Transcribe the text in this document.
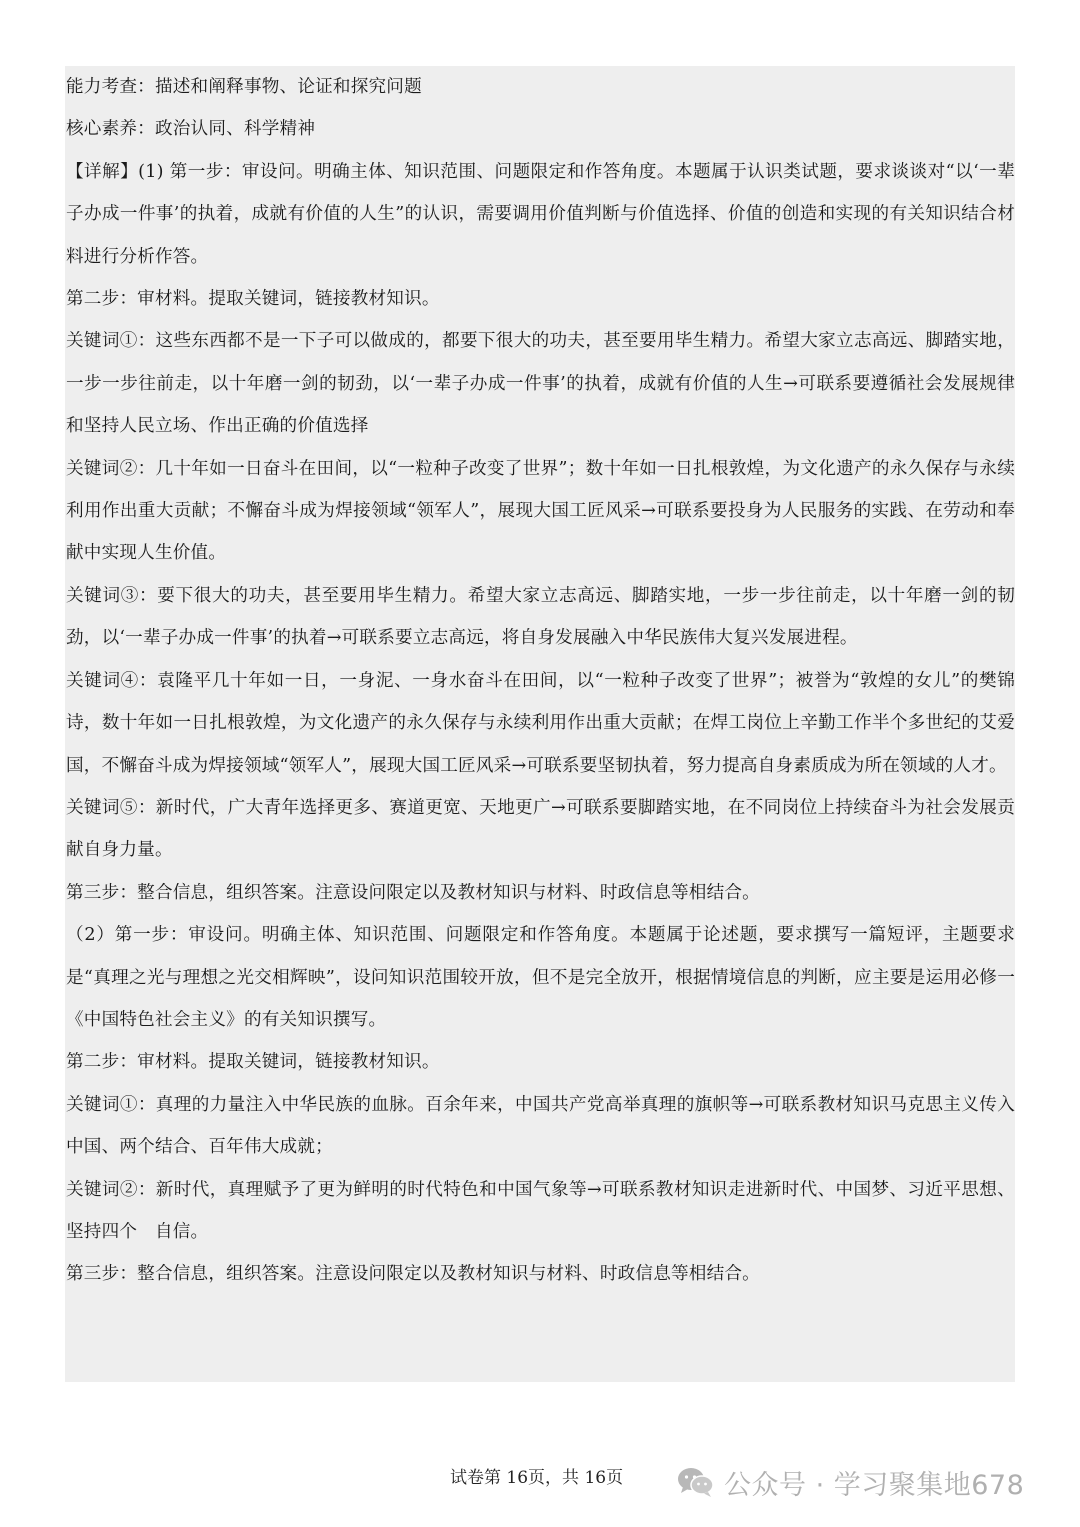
能力考查：描述和阐释事物、论证和探究问题

核心素养：政治认同、科学精神

【详解】(1) 第一步：审设问。明确主体、知识范围、问题限定和作答角度。本题属于认识类试题，要求谈谈对“以‘一辈子办成一件事’的执着，成就有价值的人生”的认识，需要调用价值判断与价值选择、价值的创造和实现的有关知识结合材料进行分析作答。

第二步：审材料。提取关键词，链接教材知识。

关键词①：这些东西都不是一下子可以做成的，都要下很大的功夫，甚至要用毕生精力。希望大家立志高远、脚踏实地，一步一步往前走，以十年磨一剑的韧劲，以‘一辈子办成一件事’的执着，成就有价值的人生→可联系要遵循社会发展规律和坚持人民立场、作出正确的价值选择

关键词②：几十年如一日奋斗在田间，以“一粒种子改变了世界”；数十年如一日扎根敦煌，为文化遗产的永久保存与永续利用作出重大贡献；不懈奋斗成为焊接领域“领军人”，展现大国工匠风采→可联系要投身为人民服务的实践、在劳动和奉献中实现人生价值。

关键词③：要下很大的功夫，甚至要用毕生精力。希望大家立志高远、脚踏实地，一步一步往前走，以十年磨一剑的韧劲，以‘一辈子办成一件事’的执着→可联系要立志高远，将自身发展融入中华民族伟大复兴发展进程。

关键词④：袁隆平几十年如一日，一身泥、一身水奋斗在田间，以“一粒种子改变了世界”；被誉为“敦煌的女儿”的樊锦诗，数十年如一日扎根敦煌，为文化遗产的永久保存与永续利用作出重大贡献；在焊工岗位上辛勤工作半个多世纪的艾爱国，不懈奋斗成为焊接领域“领军人”，展现大国工匠风采→可联系要坚韧执着，努力提高自身素质成为所在领域的人才。

关键词⑤：新时代，广大青年选择更多、赛道更宽、天地更广→可联系要脚踏实地，在不同岗位上持续奋斗为社会发展贡献自身力量。

第三步：整合信息，组织答案。注意设问限定以及教材知识与材料、时政信息等相结合。

（2）第一步：审设问。明确主体、知识范围、问题限定和作答角度。本题属于论述题，要求撰写一篇短评，主题要求是“真理之光与理想之光交相辉映”，设问知识范围较开放，但不是完全放开，根据情境信息的判断，应主要是运用必修一《中国特色社会主义》的有关知识撰写。

第二步：审材料。提取关键词，链接教材知识。

关键词①：真理的力量注入中华民族的血脉。百余年来，中国共产党高举真理的旗帜等→可联系教材知识马克思主义传入中国、两个结合、百年伟大成就；

关键词②：新时代，真理赋予了更为鲜明的时代特色和中国气象等→可联系教材知识走进新时代、中国梦、习近平思想、坚持四个　自信。

第三步：整合信息，组织答案。注意设问限定以及教材知识与材料、时政信息等相结合。

试卷第 16页，共 16页	公众号 · 学习聚集地678
